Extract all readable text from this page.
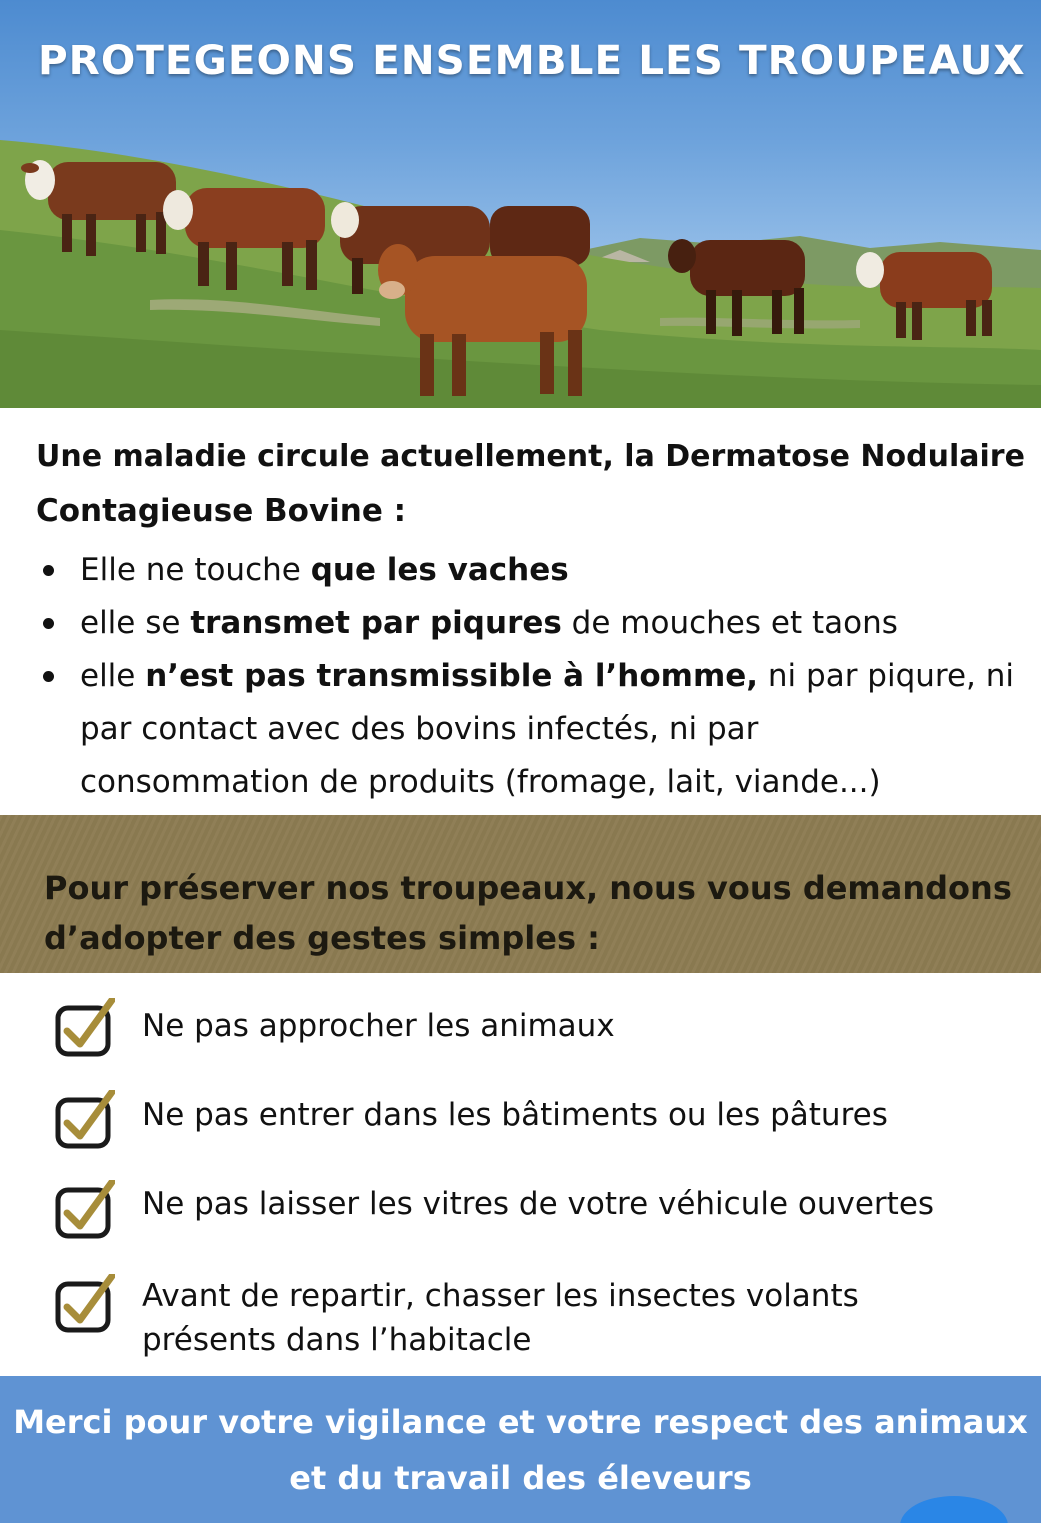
PROTEGEONS ENSEMBLE LES TROUPEAUX
Une maladie circule actuellement, la Dermatose Nodulaire
Contagieuse Bovine :
Elle ne touche que les vaches
elle se transmet par piqures de mouches et taons
elle n’est pas transmissible à l’homme, ni par piqure, ni
par contact avec des bovins infectés, ni par
consommation de produits (fromage, lait, viande...)
Pour préserver nos troupeaux, nous vous demandons
d’adopter des gestes simples :
Ne pas approcher les animaux
Ne pas entrer dans les bâtiments ou les pâtures
Ne pas laisser les vitres de votre véhicule ouvertes
Avant de repartir, chasser les insectes volants
présents dans l’habitacle
Merci pour votre vigilance et votre respect des animaux
et du travail des éleveurs
